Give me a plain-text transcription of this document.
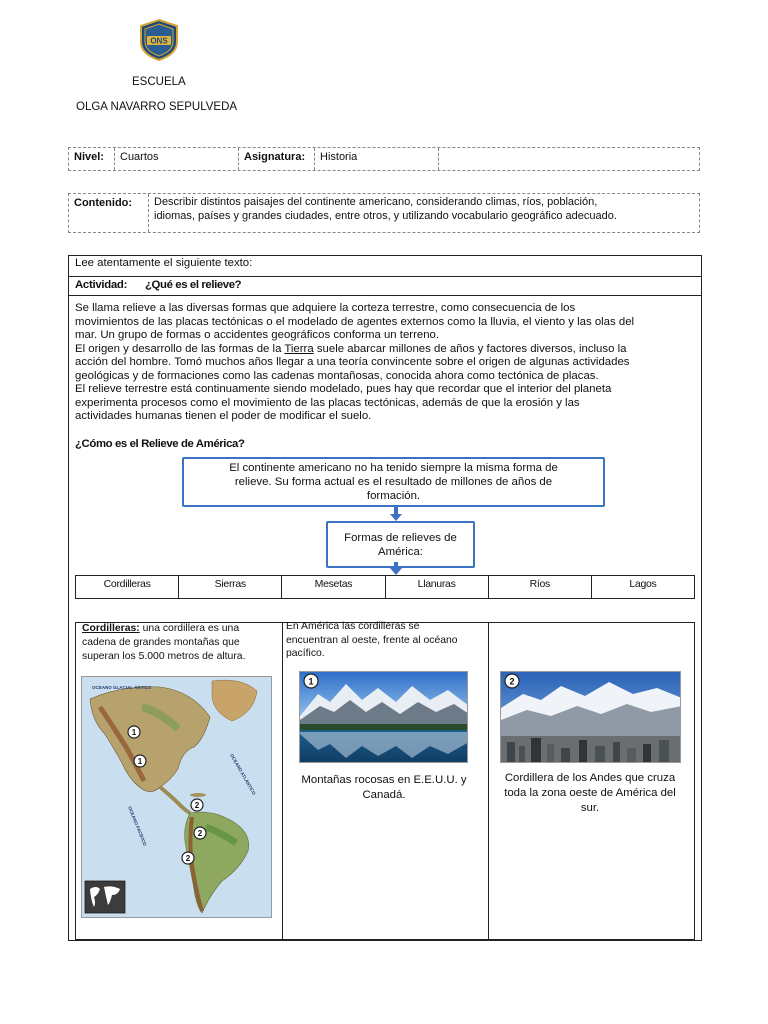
ONS
ESCUELA
OLGA NAVARRO SEPULVEDA
Nivel:	Cuartos	Asignatura:	Historia
Contenido:	Describir distintos paisajes del continente americano, considerando climas, ríos, población,
idiomas, países y grandes ciudades, entre otros, y utilizando vocabulario geográfico adecuado.
Lee atentamente el siguiente texto:
Actividad: ¿Qué es el relieve?
Se llama relieve a las diversas formas que adquiere la corteza terrestre, como consecuencia de los
movimientos de las placas tectónicas o el modelado de agentes externos como la lluvia, el viento y las olas del
mar. Un grupo de formas o accidentes geográficos conforma un terreno.
El origen y desarrollo de las formas de la Tierra suele abarcar millones de años y factores diversos, incluso la
acción del hombre. Tomó muchos años llegar a una teoría convincente sobre el origen de algunas actividades
geológicas y de formaciones como las cadenas montañosas, conocida ahora como tectónica de placas.
El relieve terrestre está continuamente siendo modelado, pues hay que recordar que el interior del planeta
experimenta procesos como el movimiento de las placas tectónicas, además de que la erosión y las
actividades humanas tienen el poder de modificar el suelo.
¿Cómo es el Relieve de América?
El continente americano no ha tenido siempre la misma forma de
relieve. Su forma actual es el resultado de millones de años de
formación.
Formas de relieves de
América:
Cordilleras	Sierras	Mesetas	Llanuras	Ríos	Lagos
Cordilleras: una cordillera es una
cadena de grandes montañas que
superan los 5.000 metros de altura.
En América las cordilleras se
encuentran al oeste, frente al océano
pacífico.
OCEANO GLACIAL ÁRTICO
OCEANO ATLÁNTICO
OCEANO PACÍFICO
1
1
2
2
2
1
Montañas rocosas en E.E.U.U. y
Canadá.
2
Cordillera de los Andes que cruza
toda la zona oeste de América del
sur.
